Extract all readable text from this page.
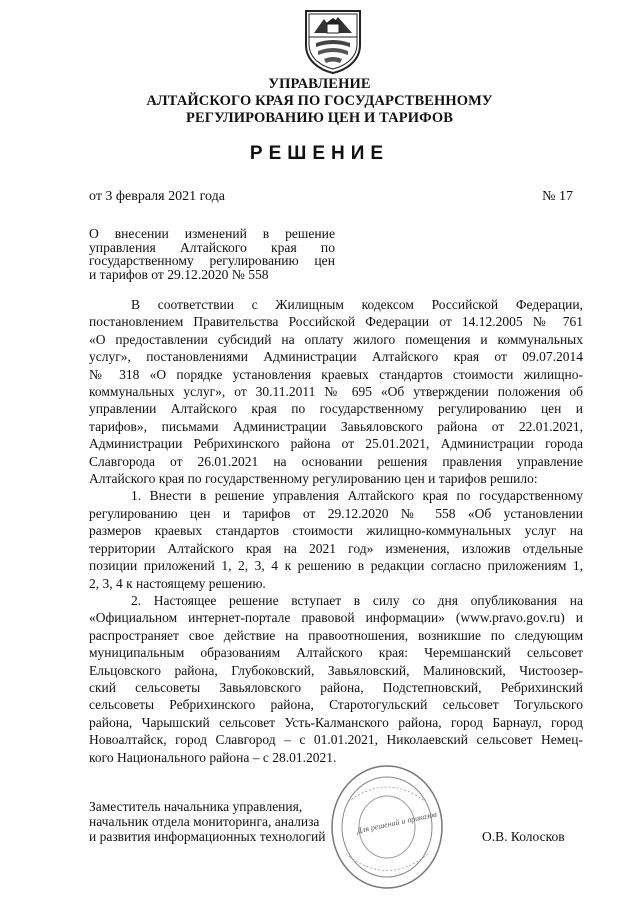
УПРАВЛЕНИЕ
АЛТАЙСКОГО КРАЯ ПО ГОСУДАРСТВЕННОМУ
РЕГУЛИРОВАНИЮ ЦЕН И ТАРИФОВ
РЕШЕНИЕ
от 3 февраля 2021 года	№ 17
О внесении изменений в решение
управления Алтайского края по
государственному регулированию цен
и тарифов от 29.12.2020 № 558
В соответствии с Жилищным кодексом Российской Федерации,
постановлением Правительства Российской Федерации от 14.12.2005 № 761
«О предоставлении субсидий на оплату жилого помещения и коммунальных
услуг», постановлениями Администрации Алтайского края от 09.07.2014
№ 318 «О порядке установления краевых стандартов стоимости жилищно-
коммунальных услуг», от 30.11.2011 № 695 «Об утверждении положения об
управлении Алтайского края по государственному регулированию цен и
тарифов», письмами Администрации Завьяловского района от 22.01.2021,
Администрации Ребрихинского района от 25.01.2021, Администрации города
Славгорода от 26.01.2021 на основании решения правления управление
Алтайского края по государственному регулированию цен и тарифов решило:
1. Внести в решение управления Алтайского края по государственному
регулированию цен и тарифов от 29.12.2020 № 558 «Об установлении
размеров краевых стандартов стоимости жилищно-коммунальных услуг на
территории Алтайского края на 2021 год» изменения, изложив отдельные
позиции приложений 1, 2, 3, 4 к решению в редакции согласно приложениям 1,
2, 3, 4 к настоящему решению.
2. Настоящее решение вступает в силу со дня опубликования на
«Официальном интернет-портале правовой информации» (www.pravo.gov.ru) и
распространяет свое действие на правоотношения, возникшие по следующим
муниципальным образованиям Алтайского края: Черемшанский сельсовет
Ельцовского района, Глубоковский, Завьяловский, Малиновский, Чистоозер-
ский сельсоветы Завьяловского района, Подстепновский, Ребрихинский
сельсоветы Ребрихинского района, Старотогульский сельсовет Тогульского
района, Чарышский сельсовет Усть-Калманского района, город Барнаул, город
Новоалтайск, город Славгород – с 01.01.2021, Николаевский сельсовет Немец-
кого Национального района – с 28.01.2021.
Для решений и приказов
Заместитель начальника управления,
начальник отдела мониторинга, анализа
и развития информационных технологий	О.В. Колосков
